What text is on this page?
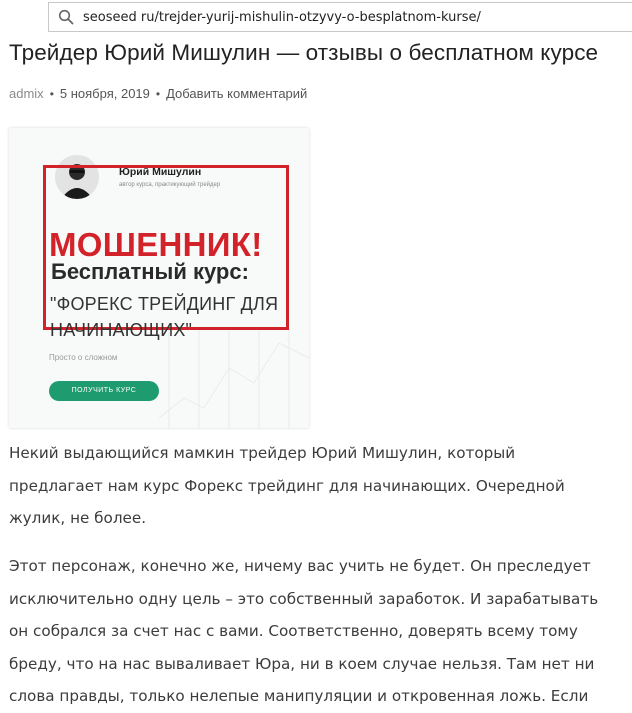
seoseed ru/trejder-yurij-mishulin-otzyvy-o-besplatnom-kurse/
Трейдер Юрий Мишулин — отзывы о бесплатном курсе
admix • 5 ноября, 2019 • Добавить комментарий
Юрий Мишулин
автор курса, практикующий трейдер
МОШЕННИК!
Бесплатный курс:
"ФОРЕКС ТРЕЙДИНГ ДЛЯ
НАЧИНАЮЩИХ"
Просто о сложном
ПОЛУЧИТЬ КУРС

Некий выдающийся мамкин трейдер Юрий Мишулин, который
предлагает нам курс Форекс трейдинг для начинающих. Очередной
жулик, не более.

Этот персонаж, конечно же, ничему вас учить не будет. Он преследует
исключительно одну цель – это собственный заработок. И зарабатывать
он собрался за счет нас с вами. Соответственно, доверять всему тому
бреду, что на нас вываливает Юра, ни в коем случае нельзя. Там нет ни
слова правды, только нелепые манипуляции и откровенная ложь. Если
